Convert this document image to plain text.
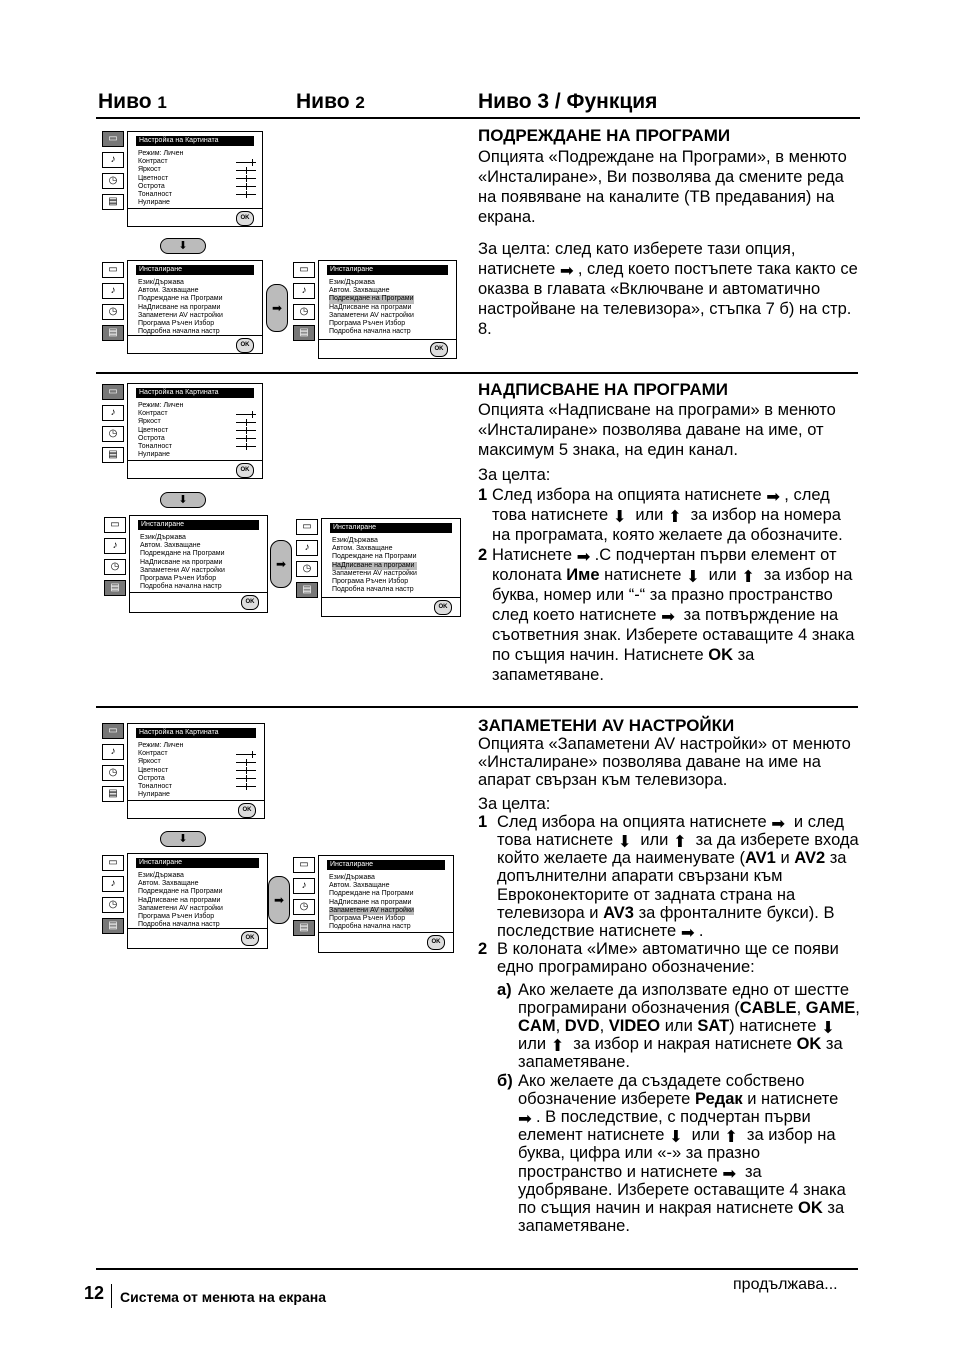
Ниво 1	Ниво 2	Ниво 3 / Функция
▭
♪
◷
▤
Настройка на Картината
Режим: Личен
Контраст
Яркост
Цветност
Острота
Тоналност
Нулиране
OK
⬇
▭
♪
◷
▤
Инсталиране
Език/Държава
Автом. Захващане
Подреждане на Програми
НаДписване на програми
Запаметени AV настройки
Програма Ръчен Избор
Подробна начална настр
OK
➡
▭
♪
◷
▤
Инсталиране
Език/Държава
Автом. Захващане
Подреждане на Програми
НаДписване на програми
Запаметени AV настройки
Програма Ръчен Избор
Подробна начална настр
OK
ПОДРЕЖДАНЕ НА ПРОГРАМИ

Опцията «Подреждане на Програми», в менюто «Инсталиране», Ви позволява да смените реда на появяване на каналите (ТВ предавания) на екрана.

За целта: след като изберете тази опция, натиснете ➡ , след което постъпете така както се оказва в главата «Включване и автоматично настройване на телевизора», стъпка 7 б) на стр. 8.

▭
♪
◷
▤
Настройка на Картината
Режим: Личен
Контраст
Яркост
Цветност
Острота
Тоналност
Нулиране
OK
⬇
▭
♪
◷
▤
Инсталиране
Език/Държава
Автом. Захващане
Подреждане на Програми
НаДписване на програми
Запаметени AV настройки
Програма Ръчен Избор
Подробна начална настр
OK
➡
▭
♪
◷
▤
Инсталиране
Език/Държава
Автом. Захващане
Подреждане на Програми
НаДписване на програми
Запаметени AV настройки
Програма Ръчен Избор
Подробна начална настр
OK
НАДПИСВАНЕ НА ПРОГРАМИ

Опцията «Надписване на програми» в менюто «Инсталиране» позволява даване на име, от максимум 5 знака, на един канал.

За целта:

1 След избора на опцията натиснете ➡ , след това натиснете ⬇ или ⬆ за избор на номера на програмата, която желаете да обозначите.
2 Натиснете ➡ .С подчертан първи елемент от колоната Име натиснете ⬇ или ⬆ за избор на буква, номер или “-“ за празно пространство след което натиснете ➡ за потвърждение на съответния знак. Изберете оставащите 4 знака по същия начин. Натиснете OK за запаметяване.
▭
♪
◷
▤
Настройка на Картината
Режим: Личен
Контраст
Яркост
Цветност
Острота
Тоналност
Нулиране
OK
⬇
▭
♪
◷
▤
Инсталиране
Език/Държава
Автом. Захващане
Подреждане на Програми
НаДписване на програми
Запаметени AV настройки
Програма Ръчен Избор
Подробна начална настр
OK
➡
▭
♪
◷
▤
Инсталиране
Език/Държава
Автом. Захващане
Подреждане на Програми
НаДписване на програми
Запаметени AV настройки
Програма Ръчен Избор
Подробна начална настр
OK
ЗАПАМЕТЕНИ AV НАСТРОЙКИ

Опцията «Запаметени AV настройки» от менюто «Инсталиране» позволява даване на име на апарат свързан към телевизора.

За целта:

1 След избора на опцията натиснете ➡ и след това натиснете ⬇ или ⬆ за да изберете входа който желаете да наименувате (AV1 и AV2 за допълнителни апарати свързани към Евроконекторите от задната страна на телевизора и AV3 за фронталните букси). В последствие натиснете ➡ .
2 В колоната «Име» автоматично ще се появи едно програмирано обозначение:
а) Ако желаете да използвате едно от шестте програмирани обозначения (CABLE, GAME, CAM, DVD, VIDEO или SAT) натиснете ⬇ или ⬆ за избор и накрая натиснете OK за запаметяване.
б) Ако желаете да създадете собствено обозначение изберете Редак и натиснете ➡ . В последствие, с подчертан първи елемент натиснете ⬇ или ⬆ за избор на буква, цифра или «-» за празно пространство и натиснете ➡ за удобряване. Изберете оставащите 4 знака по същия начин и накрая натиснете OK за запаметяване.
12 Система от менюта на екрана
продължава...
